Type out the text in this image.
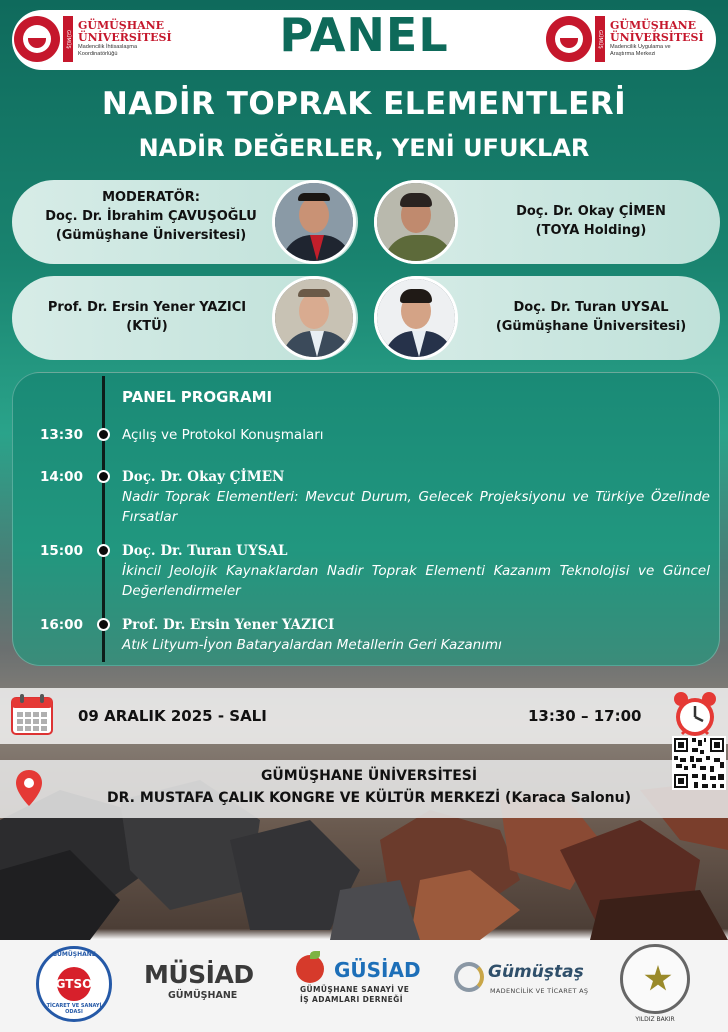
GÜMÜŞ
GÜMÜŞHANE
ÜNİVERSİTESİ
Madencilik İhtisaslaşma
Koordinatörlüğü	PANEL	GÜMÜŞ
GÜMÜŞHANE
ÜNİVERSİTESİ
Madencilik Uygulama ve
Araştırma Merkezi
NADİR TOPRAK ELEMENTLERİ
NADİR DEĞERLER, YENİ UFUKLAR
MODERATÖR:
Doç. Dr. İbrahim ÇAVUŞOĞLU
(Gümüşhane Üniversitesi)
Doç. Dr. Okay ÇİMEN
(TOYA Holding)
Prof. Dr. Ersin Yener YAZICI
(KTÜ)
Doç. Dr. Turan UYSAL
(Gümüşhane Üniversitesi)
PANEL PROGRAMI
13:30	Açılış ve Protokol Konuşmaları
14:00	Doç. Dr. Okay ÇİMEN
Nadir Toprak Elementleri: Mevcut Durum, Gelecek Projeksiyonu ve Türkiye Özelinde Fırsatlar
15:00	Doç. Dr. Turan UYSAL
İkincil Jeolojik Kaynaklardan Nadir Toprak Elementi Kazanım Teknolojisi ve Güncel Değerlendirmeler
16:00	Prof. Dr. Ersin Yener YAZICI
Atık Lityum-İyon Bataryalardan Metallerin Geri Kazanımı
09 ARALIK 2025 - SALI	13:30 – 17:00
GÜMÜŞHANE ÜNİVERSİTESİ
DR. MUSTAFA ÇALIK KONGRE VE KÜLTÜR MERKEZİ (Karaca Salonu)
GÜMÜŞHANE
GTSO
TİCARET VE SANAYİ ODASI
MÜSİAD
GÜMÜŞHANE
GÜSİAD
GÜMÜŞHANE SANAYİ VE
İŞ ADAMLARI DERNEĞİ
Gümüştaş
MADENCİLİK VE TİCARET AŞ
YILDIZ BAKIR
